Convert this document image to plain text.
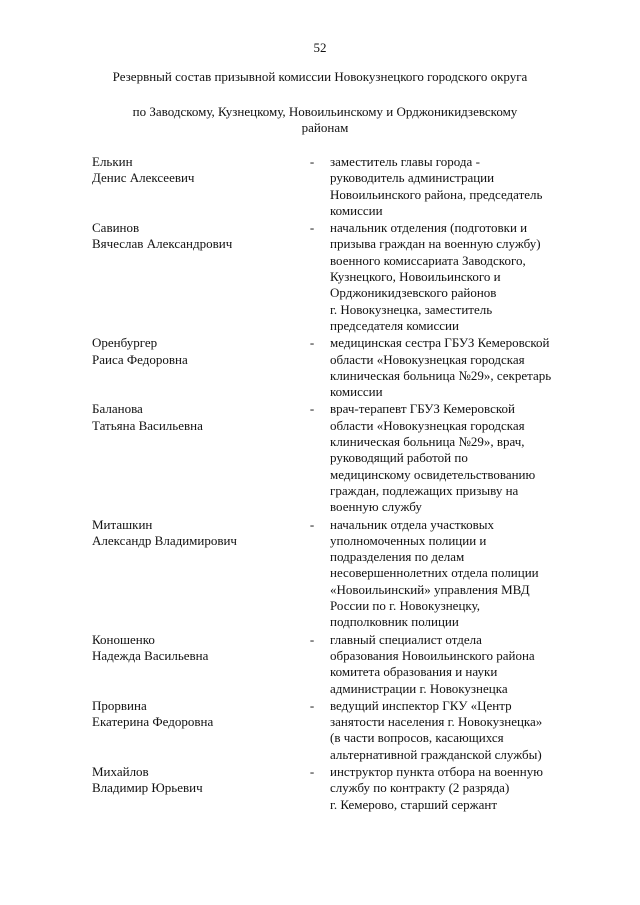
52
Резервный состав призывной комиссии Новокузнецкого городского округа
по Заводскому, Кузнецкому, Новоильинскому и Орджоникидзевскому
районам
Елькин
Денис Алексеевич
-	заместитель главы города -
руководитель администрации
Новоильинского района, председатель
комиссии
Савинов
Вячеслав Александрович
-	начальник отделения (подготовки и
призыва граждан на военную службу)
военного комиссариата Заводского,
Кузнецкого, Новоильинского и
Орджоникидзевского районов
г. Новокузнецка, заместитель
председателя комиссии
Оренбургер
Раиса Федоровна
-	медицинская сестра ГБУЗ Кемеровской
области «Новокузнецкая городская
клиническая больница №29», секретарь
комиссии
Баланова
Татьяна Васильевна
-	врач-терапевт ГБУЗ Кемеровской
области «Новокузнецкая городская
клиническая больница №29», врач,
руководящий работой по
медицинскому освидетельствованию
граждан, подлежащих призыву на
военную службу
Миташкин
Александр Владимирович
-	начальник отдела участковых
уполномоченных полиции и
подразделения по делам
несовершеннолетних отдела полиции
«Новоильинский» управления МВД
России по г. Новокузнецку,
подполковник полиции
Коношенко
Надежда Васильевна
-	главный специалист отдела
образования Новоильинского района
комитета образования и науки
администрации г. Новокузнецка
Прорвина
Екатерина Федоровна
-	ведущий инспектор ГКУ «Центр
занятости населения г. Новокузнецка»
(в части вопросов, касающихся
альтернативной гражданской службы)
Михайлов
Владимир Юрьевич
-	инструктор пункта отбора на военную
службу по контракту (2 разряда)
г. Кемерово, старший сержант
